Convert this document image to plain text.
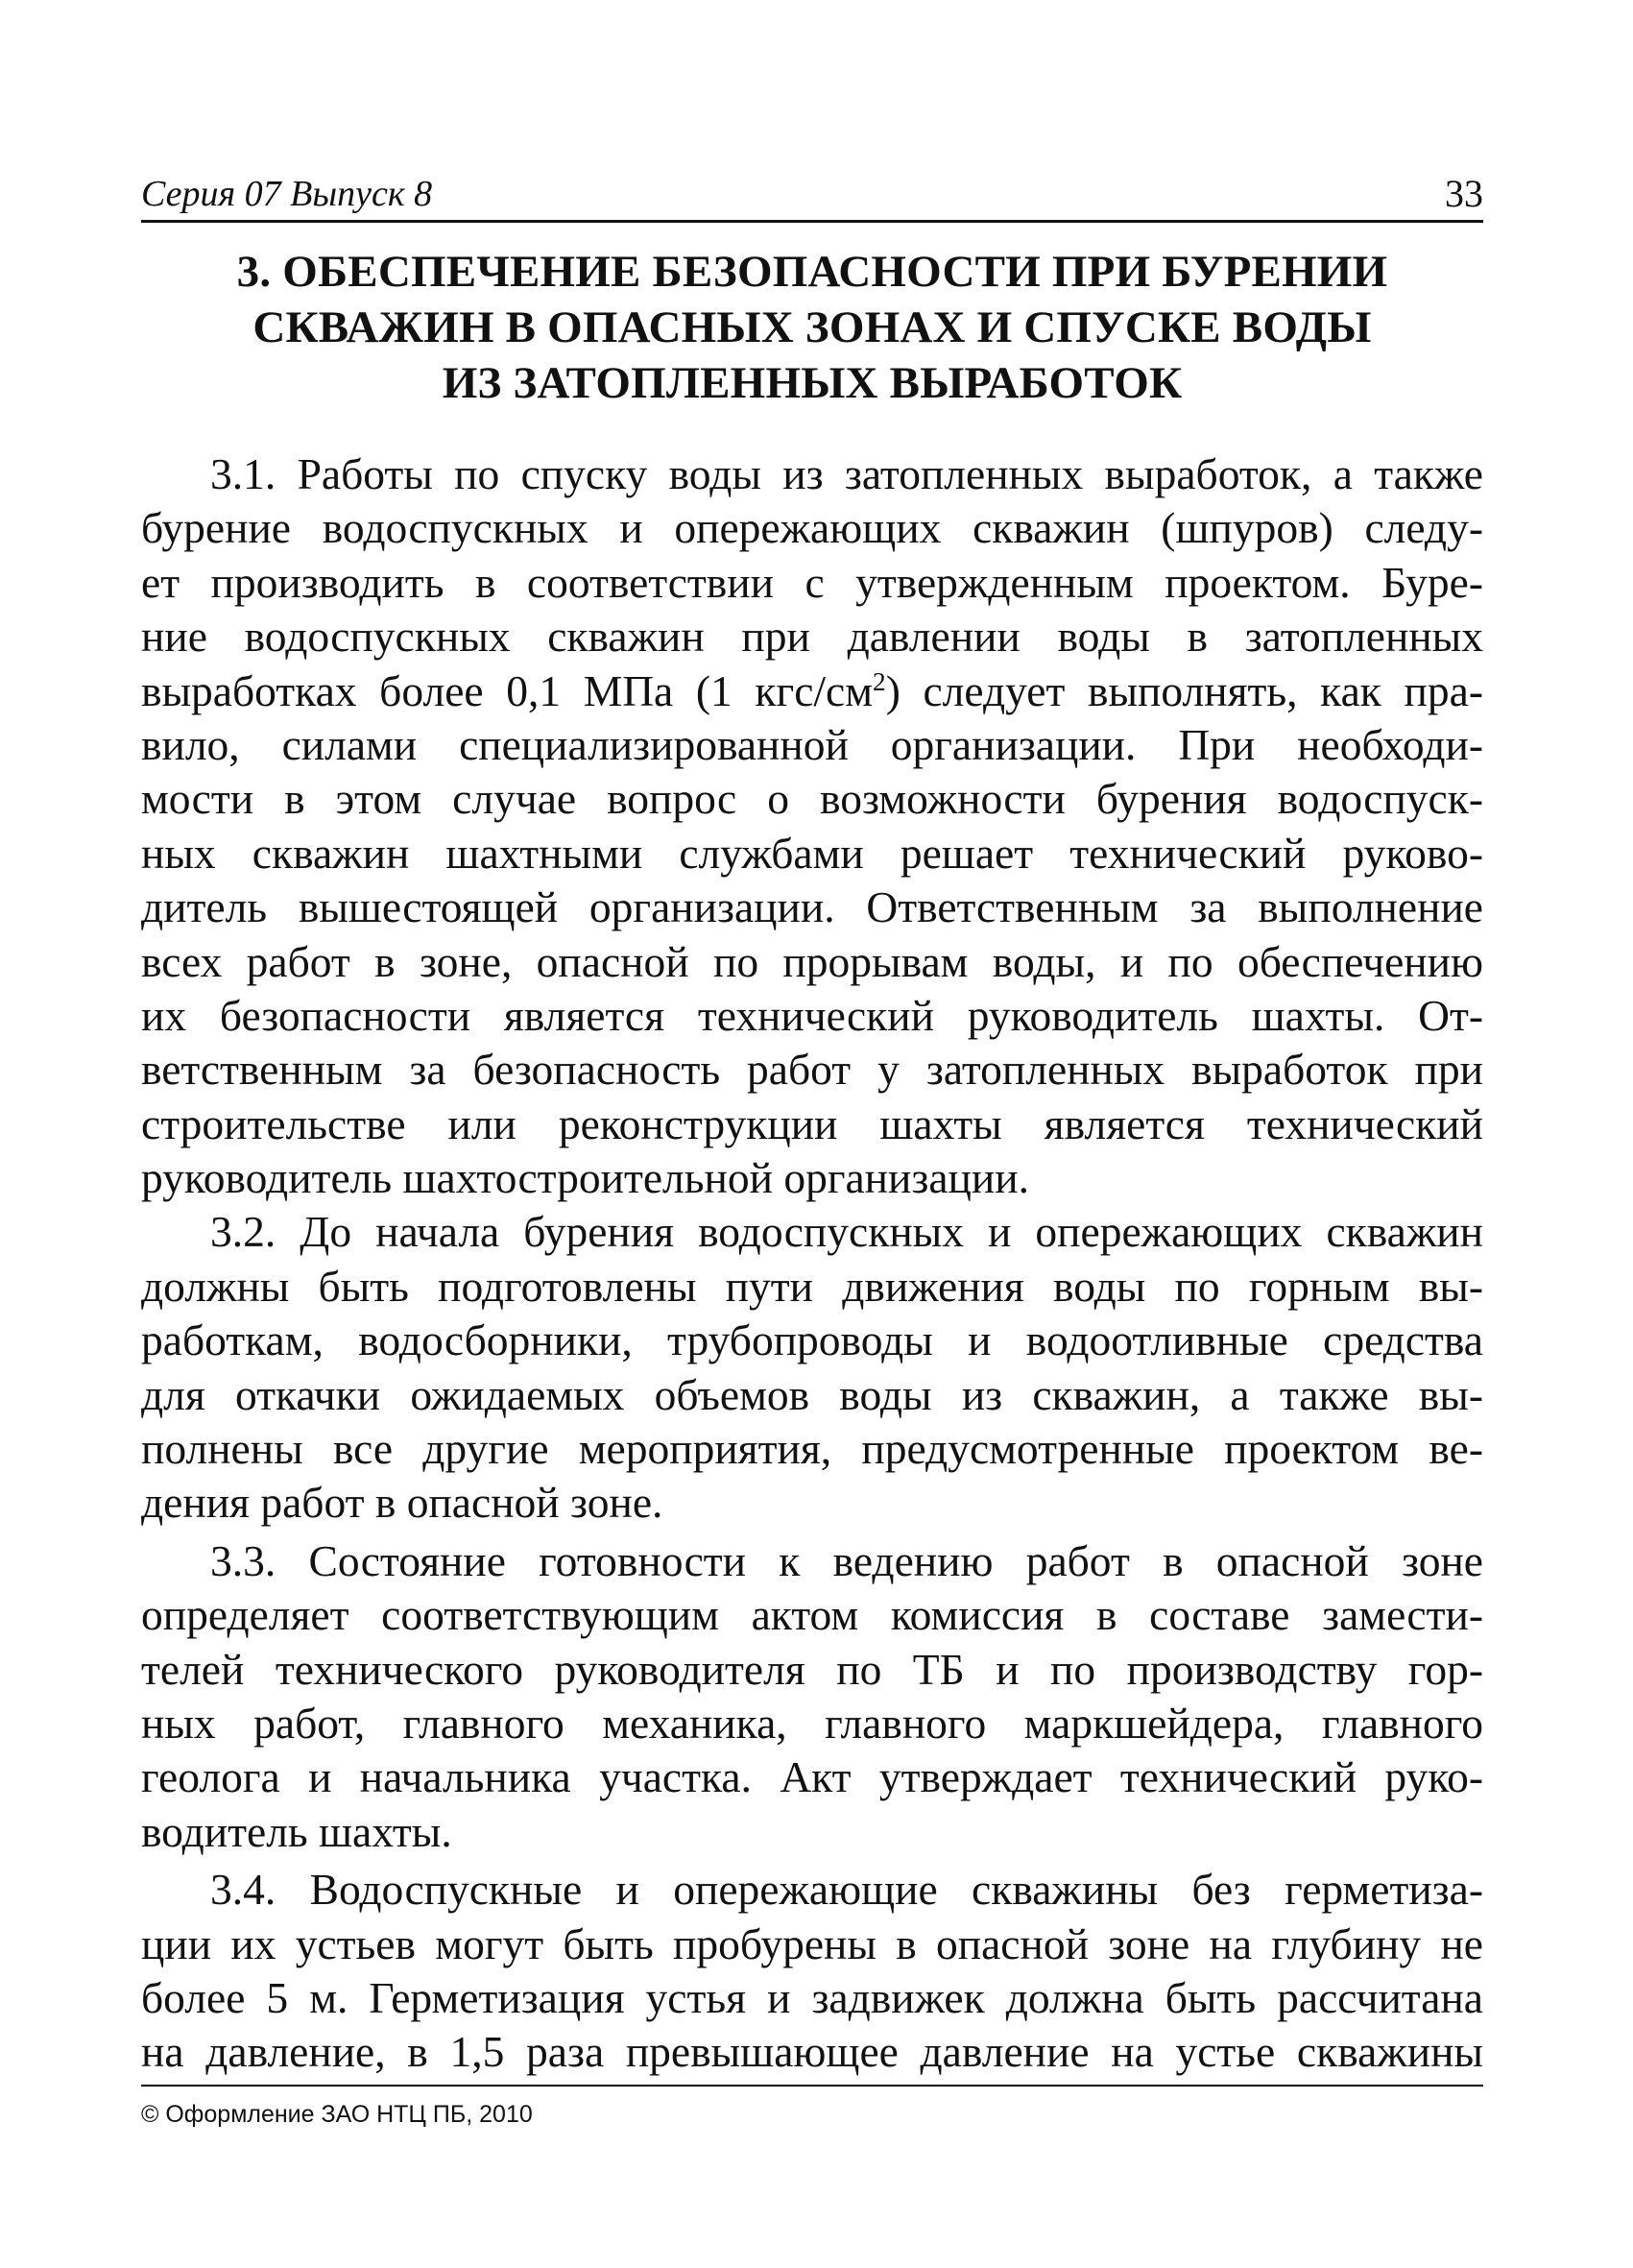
Серия 07 Выпуск 8	33
3. ОБЕСПЕЧЕНИЕ БЕЗОПАСНОСТИ ПРИ БУРЕНИИ
СКВАЖИН В ОПАСНЫХ ЗОНАХ И СПУСКЕ ВОДЫ
ИЗ ЗАТОПЛЕННЫХ ВЫРАБОТОК
3.1. Работы по спуску воды из затопленных выработок, а также
бурение водоспускных и опережающих скважин (шпуров) следу-
ет производить в соответствии с утвержденным проектом. Буре-
ние водоспускных скважин при давлении воды в затопленных
выработках более 0,1 МПа (1 кгс/$см^2$) следует выполнять, как пра-
вило, силами специализированной организации. При необходи-
мости в этом случае вопрос о возможности бурения водоспуск-
ных скважин шахтными службами решает технический руково-
дитель вышестоящей организации. Ответственным за выполнение
всех работ в зоне, опасной по прорывам воды, и по обеспечению
их безопасности является технический руководитель шахты. От-
ветственным за безопасность работ у затопленных выработок при
строительстве или реконструкции шахты является технический
руководитель шахтостроительной организации.
3.2. До начала бурения водоспускных и опережающих скважин
должны быть подготовлены пути движения воды по горным вы-
работкам, водосборники, трубопроводы и водоотливные средства
для откачки ожидаемых объемов воды из скважин, а также вы-
полнены все другие мероприятия, предусмотренные проектом ве-
дения работ в опасной зоне.
3.3. Состояние готовности к ведению работ в опасной зоне
определяет соответствующим актом комиссия в составе замести-
телей технического руководителя по ТБ и по производству гор-
ных работ, главного механика, главного маркшейдера, главного
геолога и начальника участка. Акт утверждает технический руко-
водитель шахты.
3.4. Водоспускные и опережающие скважины без герметиза-
ции их устьев могут быть пробурены в опасной зоне на глубину не
более 5 м. Герметизация устья и задвижек должна быть рассчитана
на давление, в 1,5 раза превышающее давление на устье скважины
© Оформление ЗАО НТЦ ПБ, 2010
